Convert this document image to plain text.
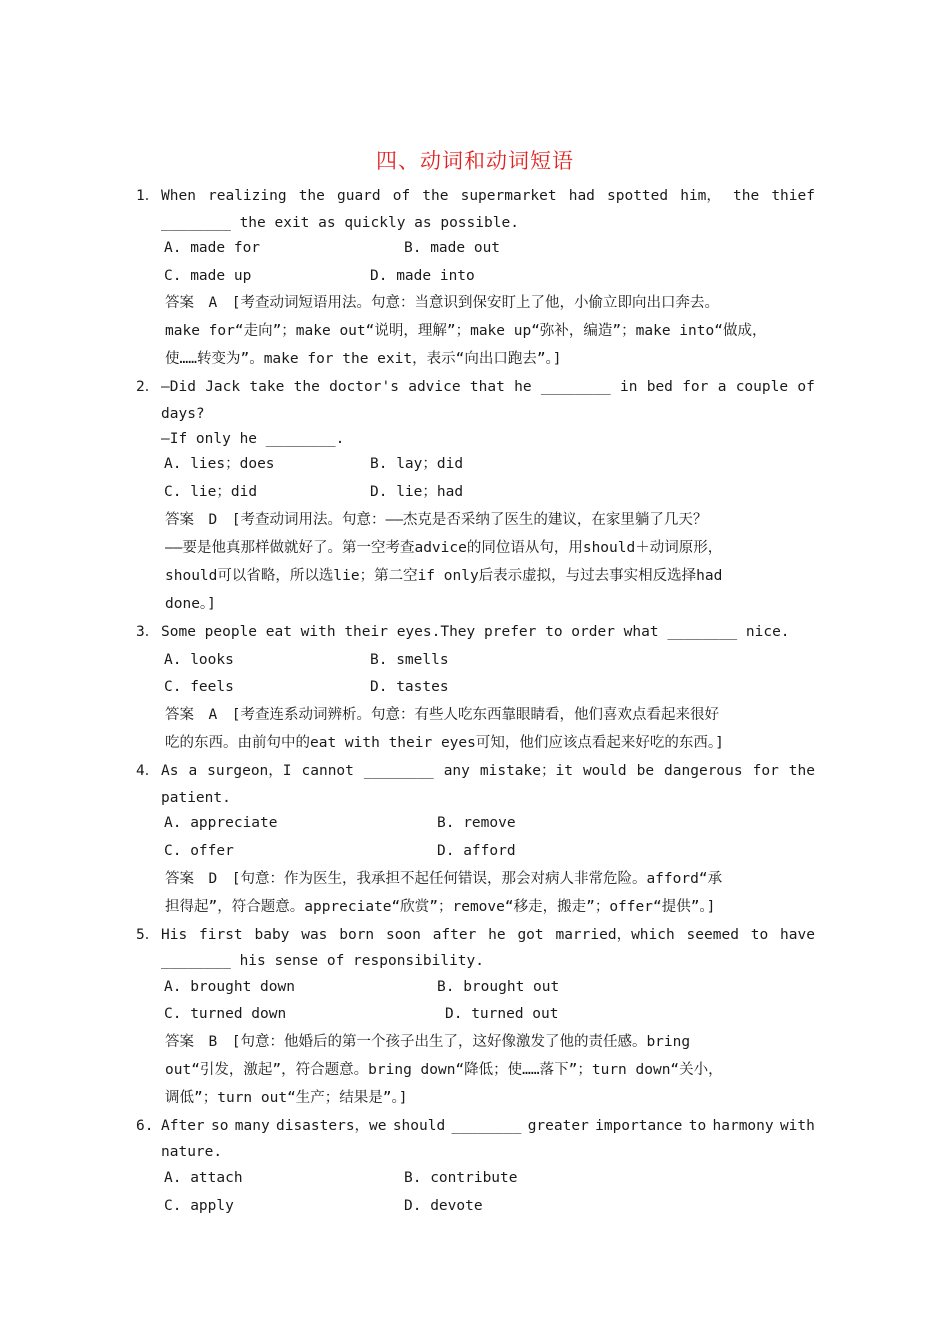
四、动词和动词短语
1． When realizing the guard of the supermarket had spotted him， the thief
________ the exit as quickly as possible.
A. made for	B. made out
C. made up	D. made into
答案　A　[考查动词短语用法。句意：当意识到保安盯上了他，小偷立即向出口奔去。
make for“走向”；make out“说明，理解”；make up“弥补，编造”；make into“做成，
使……转变为”。make for the exit，表示“向出口跑去”。]
2． —Did Jack take the doctor's advice that he ________ in bed for a couple of
days?
—If only he ________.
A. lies；does	B. lay；did
C. lie；did	D. lie；had
答案　D　[考查动词用法。句意：——杰克是否采纳了医生的建议，在家里躺了几天？
——要是他真那样做就好了。第一空考查advice的同位语从句，用should＋动词原形，
should可以省略，所以选lie；第二空if only后表示虚拟，与过去事实相反选择had
done。]
3． Some people eat with their eyes.They prefer to order what ________ nice.
A. looks	B. smells
C. feels	D. tastes
答案　A　[考查连系动词辨析。句意：有些人吃东西靠眼睛看，他们喜欢点看起来很好
吃的东西。由前句中的eat with their eyes可知，他们应该点看起来好吃的东西。]
4． As a surgeon，I cannot ________ any mistake；it would be dangerous for the
patient.
A. appreciate	B. remove
C. offer	D. afford
答案　D　[句意：作为医生，我承担不起任何错误，那会对病人非常危险。afford“承
担得起”，符合题意。appreciate“欣赏”；remove“移走，搬走”；offer“提供”。]
5． His first baby was born soon after he got married，which seemed to have
________ his sense of responsibility.
A. brought down	B. brought out
C. turned down	D. turned out
答案　B　[句意：他婚后的第一个孩子出生了，这好像激发了他的责任感。bring
out“引发，激起”，符合题意。bring down“降低；使……落下”；turn down“关小，
调低”；turn out“生产；结果是”。]
6. After so many disasters，we should ________ greater importance to harmony with
nature.
A. attach	B. contribute
C. apply	D. devote
